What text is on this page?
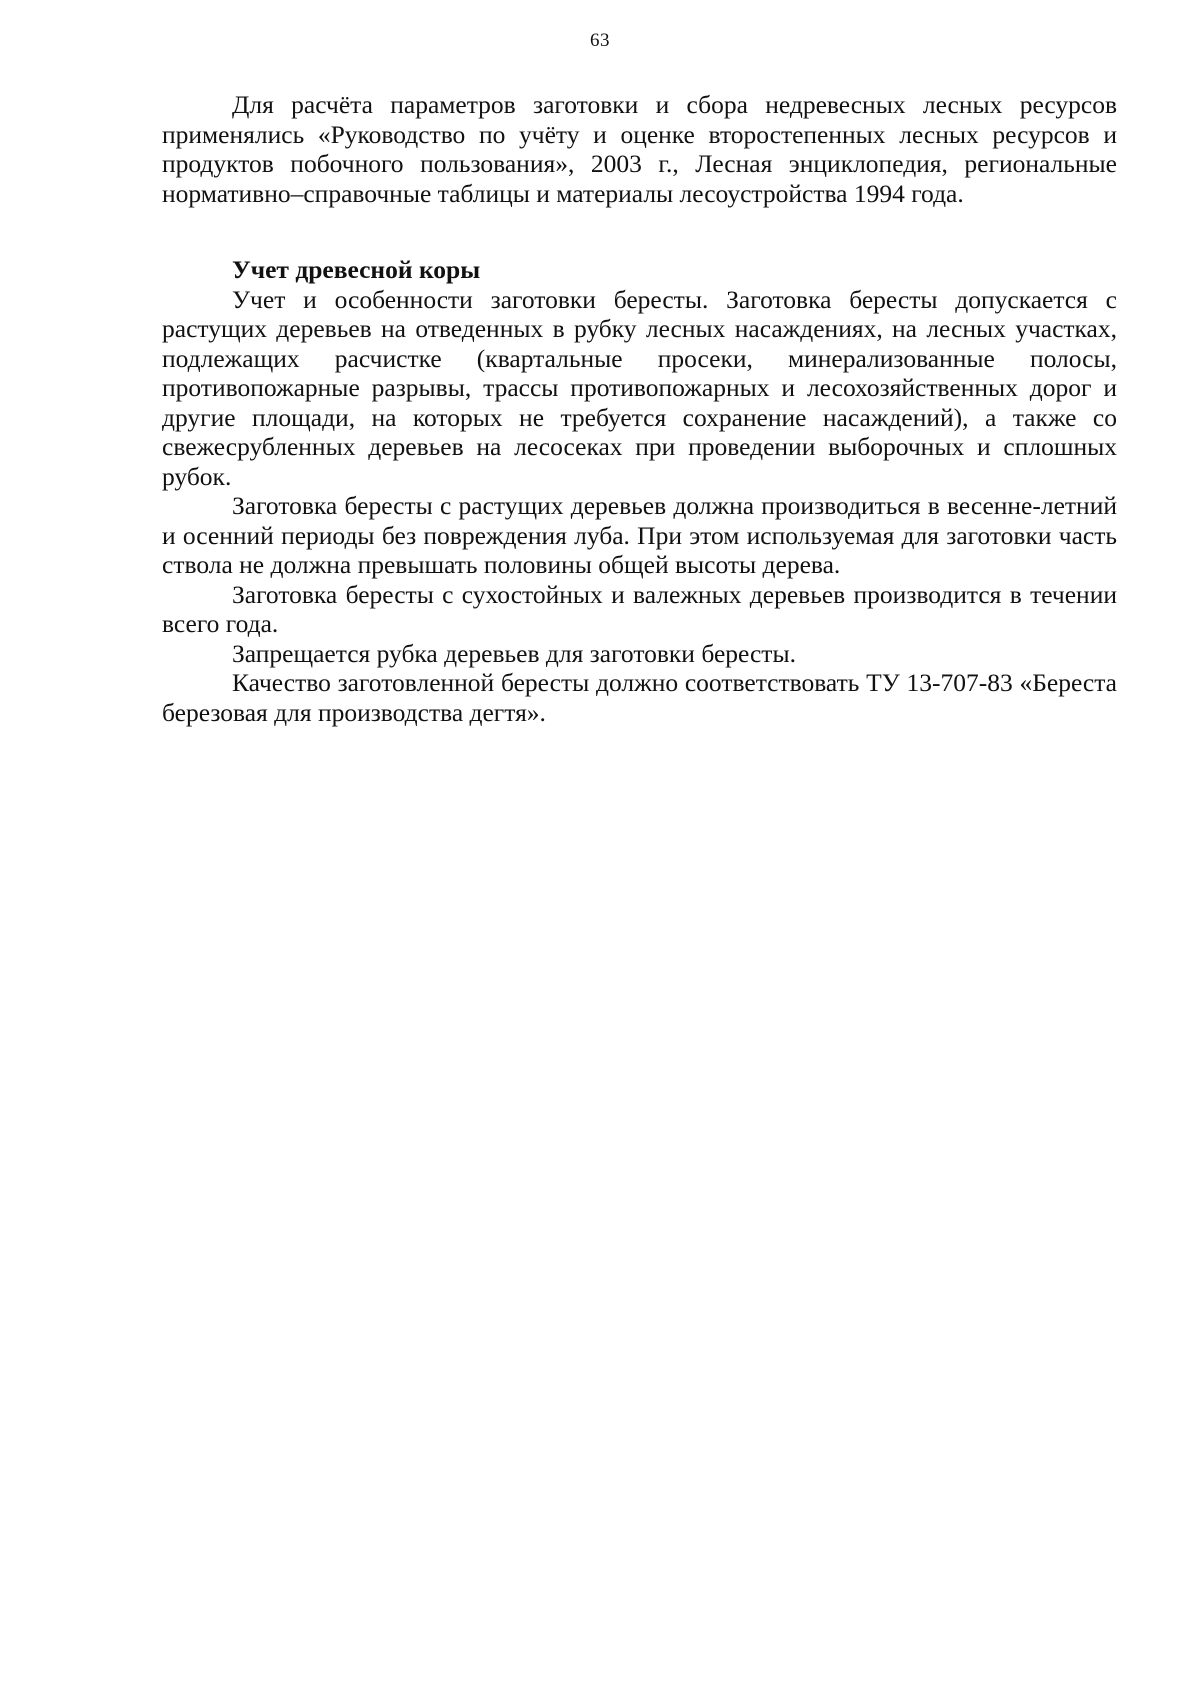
63

Для расчёта параметров заготовки и сбора недревесных лесных ресурсов применялись «Руководство по учёту и оценке второстепенных лесных ресурсов и продуктов побочного пользования», 2003 г., Лесная энциклопедия, региональные нормативно–справочные таблицы и материалы лесоустройства 1994 года.

Учет древесной коры

Учет и особенности заготовки бересты. Заготовка бересты допускается с растущих деревьев на отведенных в рубку лесных насаждениях, на лесных участках, подлежащих расчистке (квартальные просеки, минерализованные полосы, противопожарные разрывы, трассы противопожарных и лесохозяйственных дорог и другие площади, на которых не требуется сохранение насаждений), а также со свежесрубленных деревьев на лесосеках при проведении выборочных и сплошных рубок.

Заготовка бересты с растущих деревьев должна производиться в весенне-летний и осенний периоды без повреждения луба. При этом используемая для заготовки часть ствола не должна превышать половины общей высоты дерева.

Заготовка бересты с сухостойных и валежных деревьев производится в течении всего года.

Запрещается рубка деревьев для заготовки бересты.

Качество заготовленной бересты должно соответствовать ТУ 13-707-83 «Береста березовая для производства дегтя».
